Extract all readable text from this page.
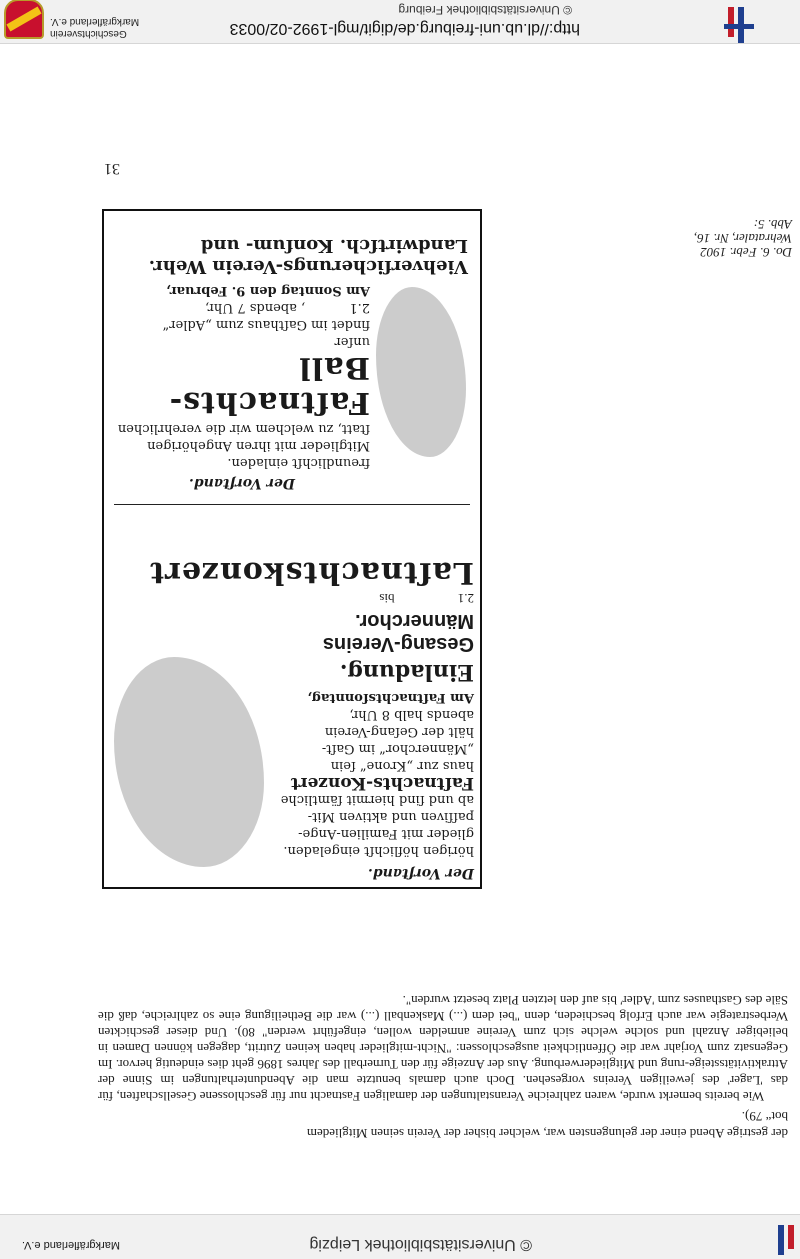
© Universitätsbibliothek Leipzig
Markgräflerland e.V.
der gestrige Abend einer der gelungensten war, welcher bisher der Verein seinen Mitgliedem
bot“ 79).
Wie bereits bemerkt wurde, waren zahlreiche Veranstaltungen der damaligen Fastnacht nur für geschlossene Gesellschaften, für das 'Lager' des jeweiligen Vereins vorgesehen. Doch auch damals benutzte man die Abendunterhaltungen im Sinne der Attraktivitätssteige-rung und Mitgliederwerbung. Aus der Anzeige für den Turnerball des Jahres 1896 geht dies eindeutig hervor. Im Gegensatz zum Vorjahr war die Öffentlichkeit ausgeschlossen: "Nicht-mitglieder haben keinen Zutritt, dagegen können Damen in beliebiger Anzahl und solche welche sich zum Vereine anmelden wollen, eingeführt werden" 80). Und dieser geschickten Werbestrategie war auch Erfolg beschieden, denn "bei dem (...) Maskenball (...) war die Betheiligung eine so zahlreiche, daß die Säle des Gasthauses zum 'Adler' bis auf den letzten Platz besetzt wurden".
Der Vorſtand.
hörigen höflichſt eingeladen.
glieder mit Familien-Ange-
paſſiven und aktiven Mit-
ab und ſind hiermit ſämtliche
Faſtnachts-Konzert
haus zur „Krone“ ſein
„Männerchor“ im Gaſt-
hält der Geſang-Verein
abends halb 8 Uhr,
Am Faſtnachtsſonntag,
Einladung.
Gesang-Vereins Männerchor.
2.1 bis
Laſtnachtskonzert
Der Vorſtand.
freundlichſt einladen.
Mitglieder mit ihren Angehörigen
ſtatt, zu welchem wir die verehrlichen
Faſtnachts-Ball
unſer
findet im Gaſthaus zum „Adler“
2.1 , abends 7 Uhr,
Am Sonntag den 9. Februar,
Viehverſicherungs-Verein Wehr.
Landwirtſch. Konſum- und	Do. 6. Febr. 1902
Wehrataler, Nr. 16,
Abb. 5:
31
http://dl.ub.uni-freiburg.de/digit/mgl-1992-02/0033
© Universitätsbibliothek Freiburg
Geschichtsverein
Markgräflerland e.V.
